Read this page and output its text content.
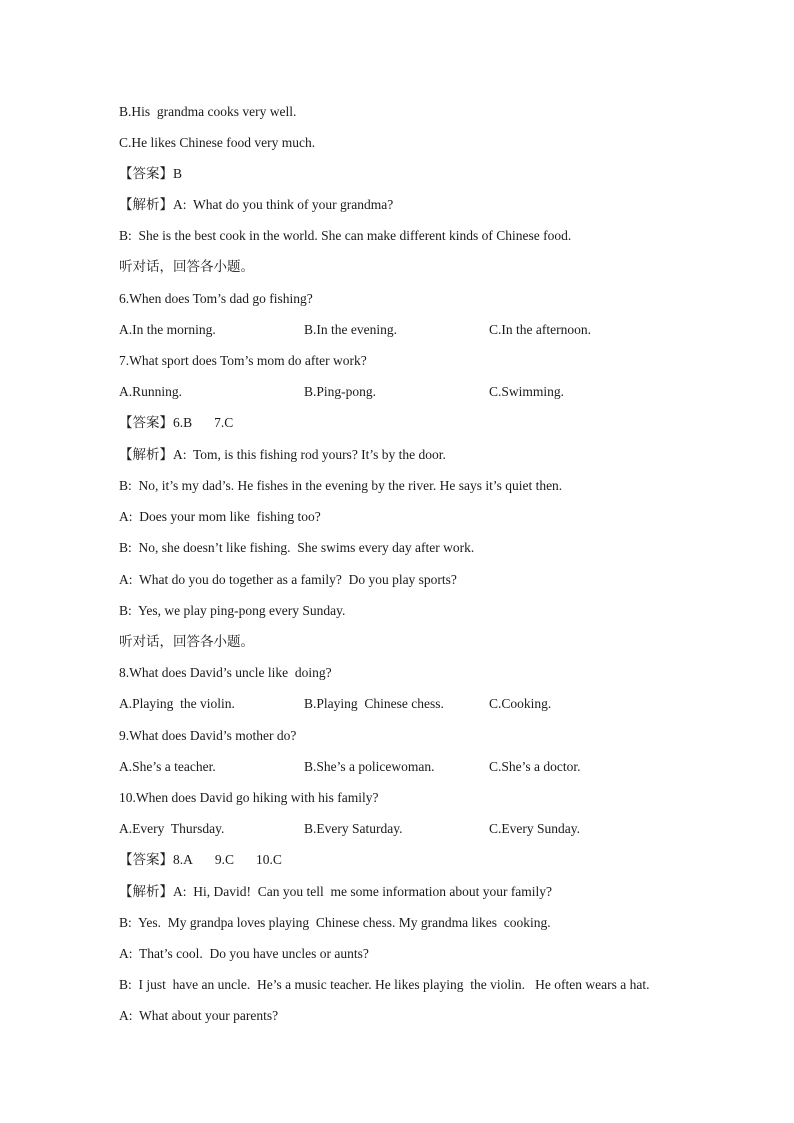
B.His  grandma cooks very well.
C.He likes Chinese food very much.
【答案】B
【解析】A:  What do you think of your grandma?
B:  She is the best cook in the world. She can make different kinds of Chinese food.
听对话，回答各小题。
6.When does Tom’s dad go fishing?
A.In the morning.	B.In the evening.	C.In the afternoon.
7.What sport does Tom’s mom do after work?
A.Running.	B.Ping-pong.	C.Swimming.
【答案】6.B 7.C
【解析】A:  Tom, is this fishing rod yours? It’s by the door.
B:  No, it’s my dad’s. He fishes in the evening by the river. He says it’s quiet then.
A:  Does your mom like  fishing too?
B:  No, she doesn’t like fishing.  She swims every day after work.
A:  What do you do together as a family?  Do you play sports?
B:  Yes, we play ping-pong every Sunday.
听对话，回答各小题。
8.What does David’s uncle like  doing?
A.Playing  the violin.	B.Playing  Chinese chess.	C.Cooking.
9.What does David’s mother do?
A.She’s a teacher.	B.She’s a policewoman.	C.She’s a doctor.
10.When does David go hiking with his family?
A.Every  Thursday.	B.Every Saturday.	C.Every Sunday.
【答案】8.A 9.C 10.C
【解析】A:  Hi, David!  Can you tell  me some information about your family?
B:  Yes.  My grandpa loves playing  Chinese chess. My grandma likes  cooking.
A:  That’s cool.  Do you have uncles or aunts?
B:  I just  have an uncle.  He’s a music teacher. He likes playing  the violin.   He often wears a hat.
A:  What about your parents?
